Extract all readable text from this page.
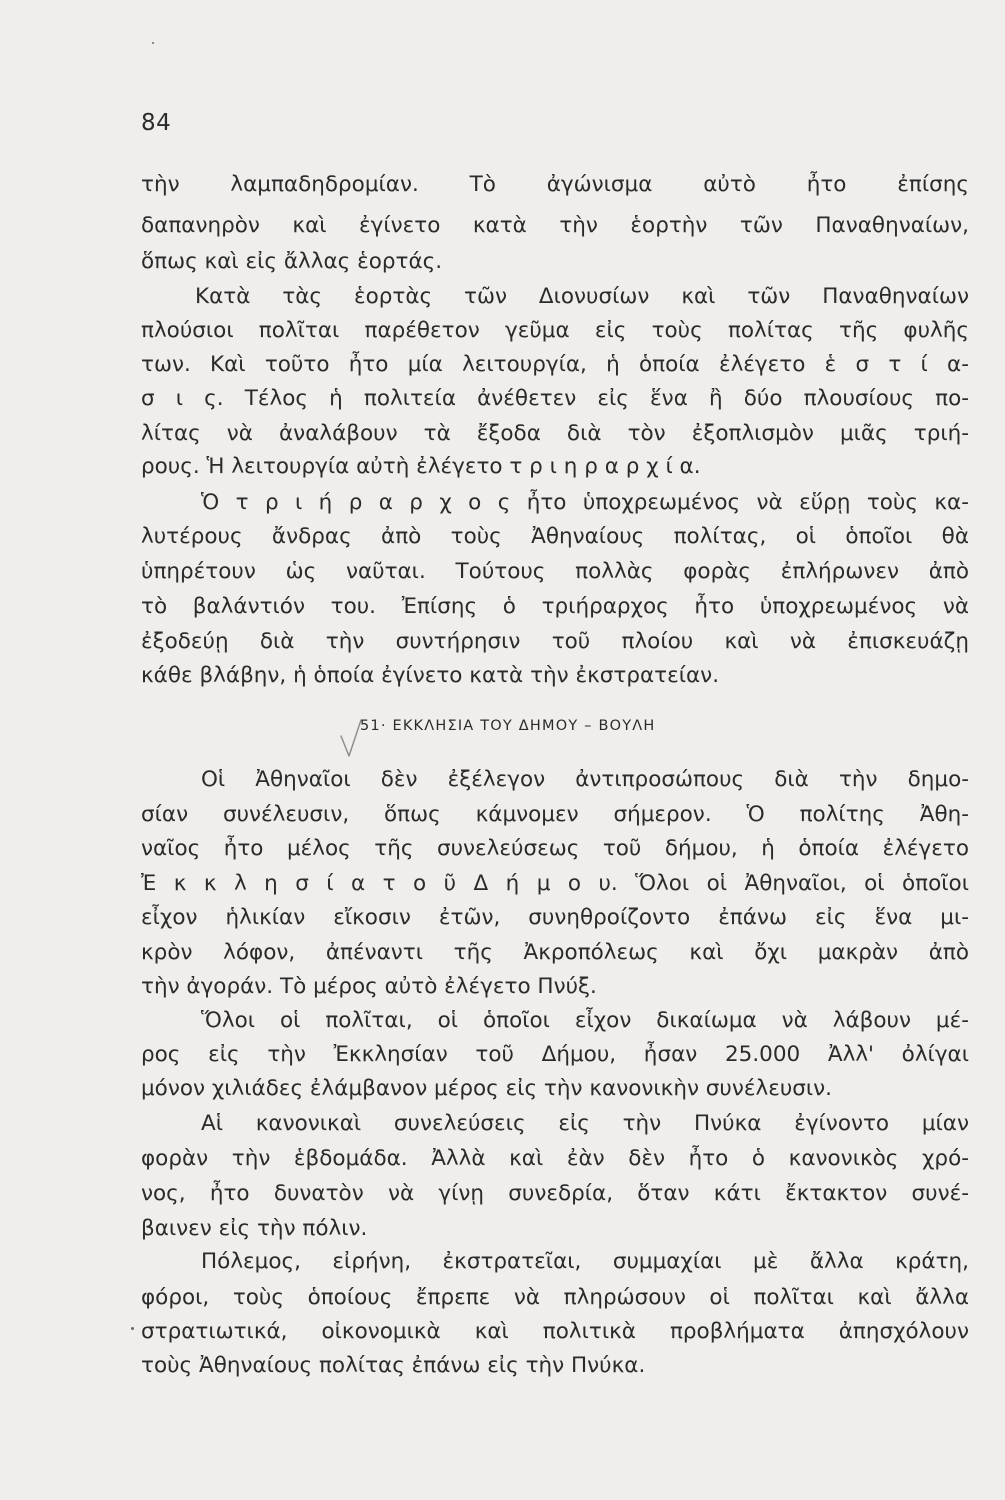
84
τὴν λαμπαδηδρομίαν. Τὸ ἀγώνισμα αὐτὸ ἦτο ἐπίσης
δαπανηρὸν καὶ ἐγίνετο κατὰ τὴν ἑορτὴν τῶν Παναθηναίων,
ὅπως καὶ εἰς ἄλλας ἑορτάς.
Κατὰ τὰς ἑορτὰς τῶν Διονυσίων καὶ τῶν Παναθηναίων
πλούσιοι πολῖται παρέθετον γεῦμα εἰς τοὺς πολίτας τῆς φυλῆς
των. Καὶ τοῦτο ἦτο μία λειτουργία, ἡ ὁποία ἐλέγετο ἑ σ τ ί α-
σ ι ς. Τέλος ἡ πολιτεία ἀνέθετεν εἰς ἕνα ἢ δύο πλουσίους πο-
λίτας νὰ ἀναλάβουν τὰ ἔξοδα διὰ τὸν ἐξοπλισμὸν μιᾶς τριή-
ρους. Ἡ λειτουργία αὐτὴ ἐλέγετο τ ρ ι η ρ α ρ χ ί α.
Ὁ τ ρ ι ή ρ α ρ χ ο ς ἦτο ὑποχρεωμένος νὰ εὕρῃ τοὺς κα-
λυτέρους ἄνδρας ἀπὸ τοὺς Ἀθηναίους πολίτας, οἱ ὁποῖοι θὰ
ὑπηρέτουν ὡς ναῦται. Τούτους πολλὰς φορὰς ἐπλήρωνεν ἀπὸ
τὸ βαλάντιόν του. Ἐπίσης ὁ τριήραρχος ἦτο ὑποχρεωμένος νὰ
ἐξοδεύῃ διὰ τὴν συντήρησιν τοῦ πλοίου καὶ νὰ ἐπισκευάζῃ
κάθε βλάβην, ἡ ὁποία ἐγίνετο κατὰ τὴν ἐκστρατείαν.
51· ΕΚΚΛΗΣΙΑ ΤΟΥ ΔΗΜΟΥ – ΒΟΥΛΗ
Οἱ Ἀθηναῖοι δὲν ἐξέλεγον ἀντιπροσώπους διὰ τὴν δημο-
σίαν συνέλευσιν, ὅπως κάμνομεν σήμερον. Ὁ πολίτης Ἀθη-
ναῖος ἦτο μέλος τῆς συνελεύσεως τοῦ δήμου, ἡ ὁποία ἐλέγετο
Ἐ κ κ λ η σ ί α τ ο ῦ Δ ή μ ο υ. Ὅλοι οἱ Ἀθηναῖοι, οἱ ὁποῖοι
εἶχον ἡλικίαν εἴκοσιν ἐτῶν, συνηθροίζοντο ἐπάνω εἰς ἕνα μι-
κρὸν λόφον, ἀπέναντι τῆς Ἀκροπόλεως καὶ ὄχι μακρὰν ἀπὸ
τὴν ἀγοράν. Τὸ μέρος αὐτὸ ἐλέγετο Πνύξ.
Ὅλοι οἱ πολῖται, οἱ ὁποῖοι εἶχον δικαίωμα νὰ λάβουν μέ-
ρος εἰς τὴν Ἐκκλησίαν τοῦ Δήμου, ἦσαν 25.000 Ἀλλ' ὀλίγαι
μόνον χιλιάδες ἐλάμβανον μέρος εἰς τὴν κανονικὴν συνέλευσιν.
Αἱ κανονικαὶ συνελεύσεις εἰς τὴν Πνύκα ἐγίνοντο μίαν
φορὰν τὴν ἑβδομάδα. Ἀλλὰ καὶ ἐὰν δὲν ἦτο ὁ κανονικὸς χρό-
νος, ἦτο δυνατὸν νὰ γίνῃ συνεδρία, ὅταν κάτι ἔκτακτον συνέ-
βαινεν εἰς τὴν πόλιν.
Πόλεμος, εἰρήνη, ἐκστρατεῖαι, συμμαχίαι μὲ ἄλλα κράτη,
φόροι, τοὺς ὁποίους ἔπρεπε νὰ πληρώσουν οἱ πολῖται καὶ ἄλλα
στρατιωτικά, οἰκονομικὰ καὶ πολιτικὰ προβλήματα ἀπησχόλουν
τοὺς Ἀθηναίους πολίτας ἐπάνω εἰς τὴν Πνύκα.
